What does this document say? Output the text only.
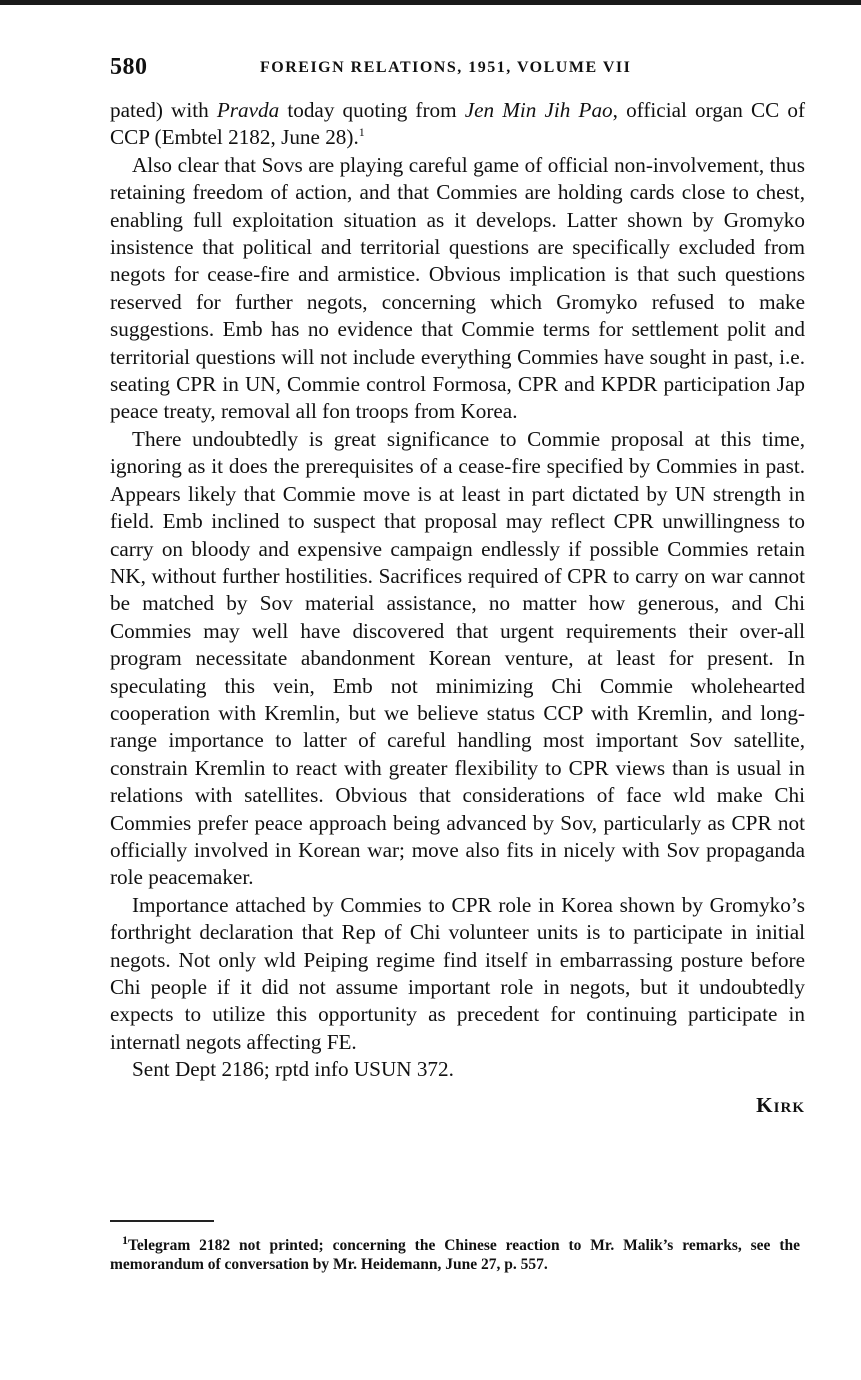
580	FOREIGN RELATIONS, 1951, VOLUME VII

pated) with Pravda today quoting from Jen Min Jih Pao, official organ CC of CCP (Embtel 2182, June 28).$^1$

Also clear that Sovs are playing careful game of official non-involvement, thus retaining freedom of action, and that Commies are holding cards close to chest, enabling full exploitation situation as it develops. Latter shown by Gromyko insistence that political and territorial questions are specifically excluded from negots for cease-fire and armistice. Obvious implication is that such questions reserved for further negots, concerning which Gromyko refused to make suggestions. Emb has no evidence that Commie terms for settlement polit and territorial questions will not include everything Commies have sought in past, i.e. seating CPR in UN, Commie control Formosa, CPR and KPDR participation Jap peace treaty, removal all fon troops from Korea.

There undoubtedly is great significance to Commie proposal at this time, ignoring as it does the prerequisites of a cease-fire specified by Commies in past. Appears likely that Commie move is at least in part dictated by UN strength in field. Emb inclined to suspect that proposal may reflect CPR unwillingness to carry on bloody and expensive campaign endlessly if possible Commies retain NK, without further hostilities. Sacrifices required of CPR to carry on war cannot be matched by Sov material assistance, no matter how generous, and Chi Commies may well have discovered that urgent requirements their over-all program necessitate abandonment Korean venture, at least for present. In speculating this vein, Emb not minimizing Chi Commie wholehearted cooperation with Kremlin, but we believe status CCP with Kremlin, and long-range importance to latter of careful handling most important Sov satellite, constrain Kremlin to react with greater flexibility to CPR views than is usual in relations with satellites. Obvious that considerations of face wld make Chi Commies prefer peace approach being advanced by Sov, particularly as CPR not officially involved in Korean war; move also fits in nicely with Sov propaganda role peacemaker.

Importance attached by Commies to CPR role in Korea shown by Gromyko’s forthright declaration that Rep of Chi volunteer units is to participate in initial negots. Not only wld Peiping regime find itself in embarrassing posture before Chi people if it did not assume important role in negots, but it undoubtedly expects to utilize this opportunity as precedent for continuing participate in internatl negots affecting FE.

Sent Dept 2186; rptd info USUN 372.

Kirk
$^1$Telegram 2182 not printed; concerning the Chinese reaction to Mr. Malik’s remarks, see the memorandum of conversation by Mr. Heidemann, June 27, p. 557.
